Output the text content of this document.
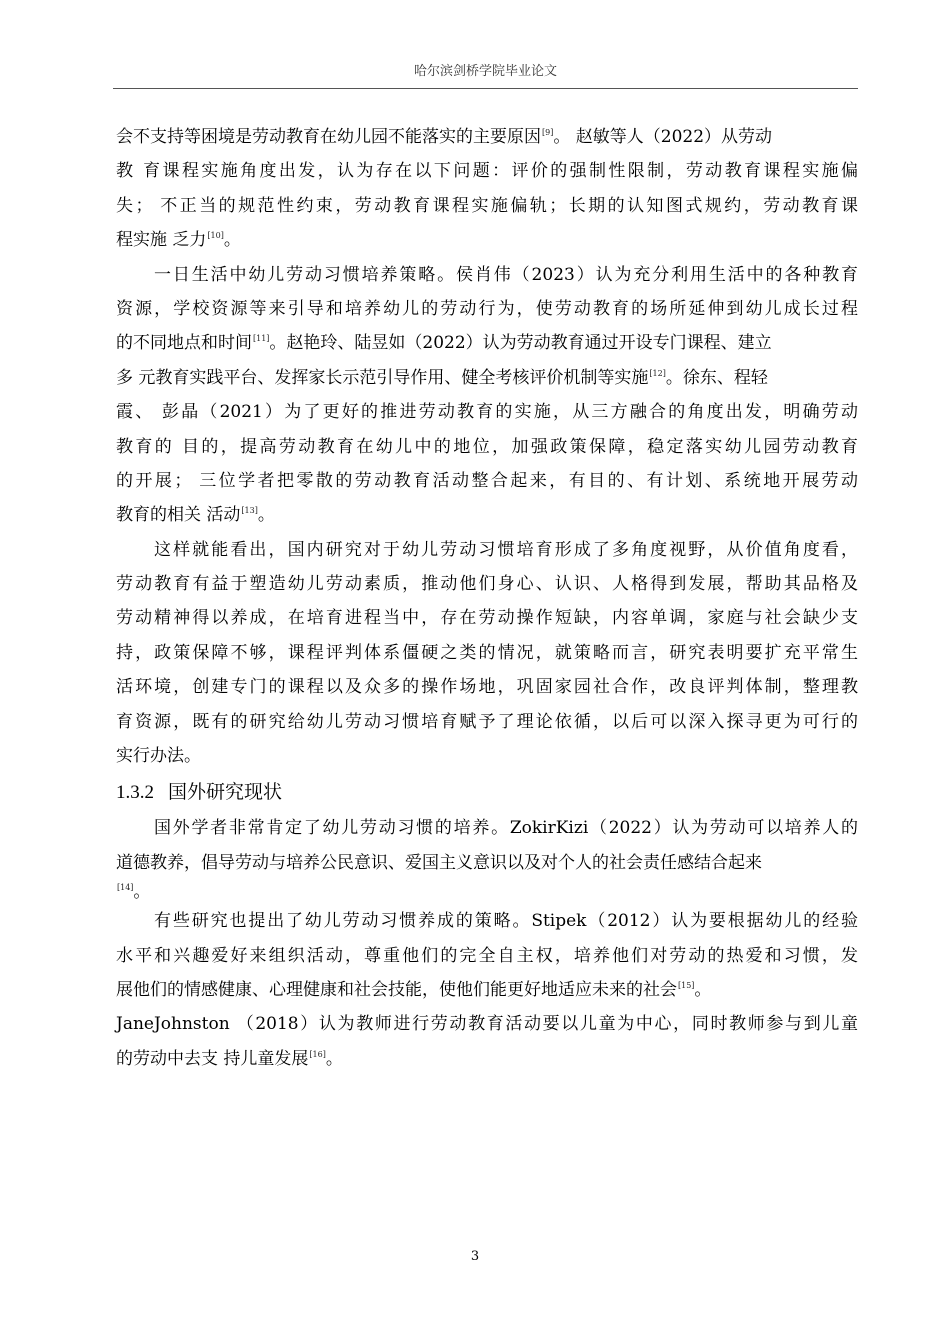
哈尔滨剑桥学院毕业论文
会不支持等困境是劳动教育在幼儿园不能落实的主要原因[9]。 赵敏等人（2022）从劳动
教 育课程实施角度出发，认为存在以下问题：评价的强制性限制，劳动教育课程实施偏
失； 不正当的规范性约束，劳动教育课程实施偏轨；长期的认知图式规约，劳动教育课
程实施 乏力[10]。
一日生活中幼儿劳动习惯培养策略。侯肖伟（2023）认为充分利用生活中的各种教育
资源，学校资源等来引导和培养幼儿的劳动行为，使劳动教育的场所延伸到幼儿成长过程
的不同地点和时间[11]。赵艳玲、陆昱如（2022）认为劳动教育通过开设专门课程、建立
多 元教育实践平台、发挥家长示范引导作用、健全考核评价机制等实施[12]。徐东、程轻
霞、 彭晶（2021）为了更好的推进劳动教育的实施，从三方融合的角度出发，明确劳动
教育的 目的，提高劳动教育在幼儿中的地位，加强政策保障，稳定落实幼儿园劳动教育
的开展； 三位学者把零散的劳动教育活动整合起来，有目的、有计划、系统地开展劳动
教育的相关 活动[13]。
这样就能看出，国内研究对于幼儿劳动习惯培育形成了多角度视野，从价值角度看，
劳动教育有益于塑造幼儿劳动素质，推动他们身心、认识、人格得到发展，帮助其品格及
劳动精神得以养成，在培育进程当中，存在劳动操作短缺，内容单调，家庭与社会缺少支
持，政策保障不够，课程评判体系僵硬之类的情况，就策略而言，研究表明要扩充平常生
活环境，创建专门的课程以及众多的操作场地，巩固家园社合作，改良评判体制，整理教
育资源，既有的研究给幼儿劳动习惯培育赋予了理论依循，以后可以深入探寻更为可行的
实行办法。
1.3.2 国外研究现状
国外学者非常肯定了幼儿劳动习惯的培养。ZokirKizi（2022）认为劳动可以培养人的
道德教养，倡导劳动与培养公民意识、爱国主义意识以及对个人的社会责任感结合起来
[14]。
有些研究也提出了幼儿劳动习惯养成的策略。Stipek（2012）认为要根据幼儿的经验
水平和兴趣爱好来组织活动，尊重他们的完全自主权，培养他们对劳动的热爱和习惯，发
展他们的情感健康、心理健康和社会技能，使他们能更好地适应未来的社会[15]。
JaneJohnston （2018）认为教师进行劳动教育活动要以儿童为中心，同时教师参与到儿童
的劳动中去支 持儿童发展[16]。
3
